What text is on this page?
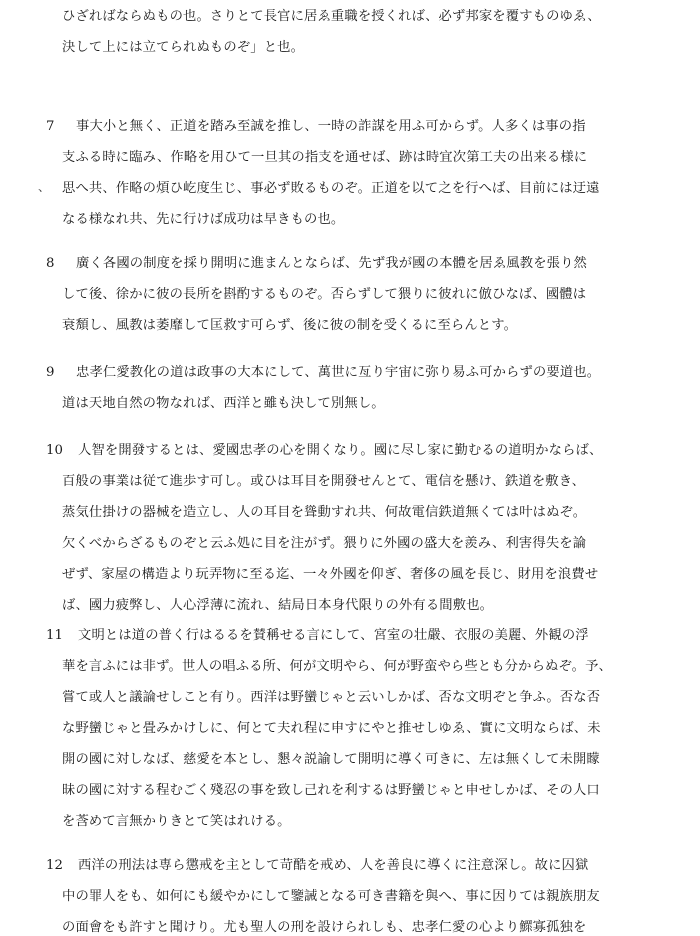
、
ひざればならぬもの也。さりとて長官に居ゑ重職を授くれば、必ず邦家を覆すものゆゑ、
決して上には立てられぬものぞ」と也。
7 事大小と無く、正道を踏み至誠を推し、一時の詐謀を用ふ可からず。人多くは事の指
支ふる時に臨み、作略を用ひて一旦其の指支を通せば、跡は時宜次第工夫の出来る様に
思へ共、作略の煩ひ屹度生じ、事必ず敗るものぞ。正道を以て之を行へば、目前には迂遠
なる様なれ共、先に行けば成功は早きもの也。
8 廣く各國の制度を採り開明に進まんとならば、先ず我が國の本體を居ゑ風教を張り然
して後、徐かに彼の長所を斟酌するものぞ。否らずして猥りに彼れに倣ひなば、國體は
衰頽し、風教は萎靡して匡救す可らず、後に彼の制を受くるに至らんとす。
9 忠孝仁愛教化の道は政事の大本にして、萬世に亙り宇宙に弥り易ふ可からずの要道也。
道は天地自然の物なれば、西洋と雖も決して別無し。
10 人智を開發するとは、愛國忠孝の心を開くなり。國に尽し家に勤むるの道明かならば、
百般の事業は従て進歩す可し。或ひは耳目を開發せんとて、電信を懸け、鉄道を敷き、
蒸気仕掛けの器械を造立し、人の耳目を聳動すれ共、何故電信鉄道無くては叶はぬぞ。
欠くべからざるものぞと云ふ処に目を注がず。猥りに外國の盛大を羨み、利害得失を論
ぜず、家屋の構造より玩弄物に至る迄、一々外國を仰ぎ、奢侈の風を長じ、財用を浪費せ
ば、國力疲弊し、人心浮薄に流れ、結局日本身代限りの外有る間敷也。
11 文明とは道の普く行はるるを賛稱せる言にして、宮室の壮嚴、衣服の美麗、外観の浮
華を言ふには非ず。世人の唱ふる所、何が文明やら、何が野蛮やら些とも分からぬぞ。予、
嘗て或人と議論せしこと有り。西洋は野蠻じゃと云いしかば、否な文明ぞと争ふ。否な否
な野蠻じゃと畳みかけしに、何とて夫れ程に申すにやと推せしゆゑ、實に文明ならば、未
開の國に対しなば、慈愛を本とし、懇々説諭して開明に導く可きに、左は無くして未開矇
昧の國に対する程むごく殘忍の事を致し己れを利するは野蠻じゃと申せしかば、その人口
を莟めて言無かりきとて笑はれける。
12 西洋の刑法は専ら懲戒を主として苛酷を戒め、人を善良に導くに注意深し。故に囚獄
中の罪人をも、如何にも緩やかにして鑒誡となる可き書籍を與へ、事に因りては親族朋友
の面會をも許すと聞けり。尤も聖人の刑を設けられしも、忠孝仁愛の心より鰥寡孤独を
